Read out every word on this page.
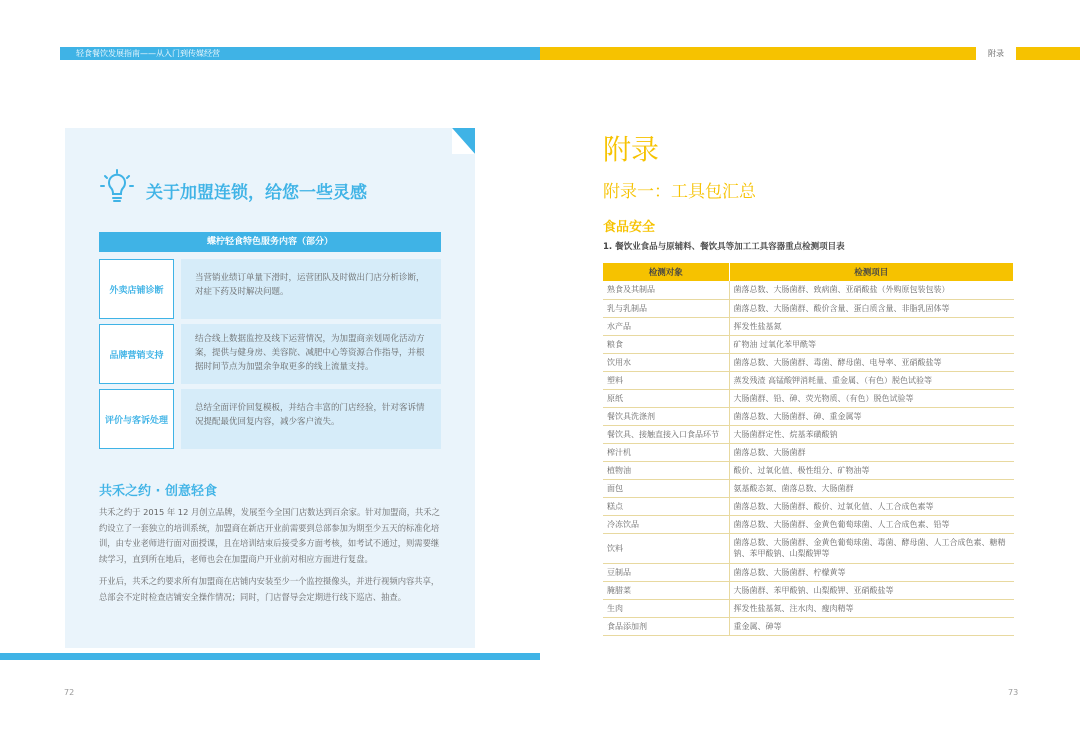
轻食餐饮发展指南——从入门到传媒经营	附录
关于加盟连锁，给您一些灵感
蝶柠轻食特色服务内容（部分）
外卖店铺诊断
当营销业绩订单量下滑时，运营团队及时做出门店分析诊断，对症下药及时解决问题。
品牌营销支持
结合线上数据监控及线下运营情况，为加盟商亲划周化活动方案，提供与健身房、美容院、减肥中心等资源合作指导，并根据时间节点为加盟余争取更多的线上流量支持。
评价与客诉处理
总结全面评价回复模板，并结合丰富的门店经验，针对客诉情况提配最优回复内容，减少客户流失。
共禾之约 · 创意轻食
共禾之约于 2015 年 12 月创立品牌，发展至今全国门店数达到百余家。针对加盟商，共禾之约设立了一套独立的培训系统，加盟商在新店开业前需要到总部参加为期至少五天的标准化培训，由专业老师进行面对面授课，且在培训结束后接受多方面考核，如考试不通过，则需要继续学习，直到所在地后，老师也会在加盟商户开业前对相应方面进行复盘。
开业后，共禾之约要求所有加盟商在店铺内安装至少一个监控摄像头，并进行视频内容共享，总部会不定时检查店铺安全操作情况；同时，门店督导会定期进行线下巡店、抽查。
72
附录
附录一：工具包汇总
食品安全
1. 餐饮业食品与原辅料、餐饮具等加工工具容器重点检测项目表
检测对象	检测项目
熟食及其制品	菌落总数、大肠菌群、致病菌、亚硝酸盐（外购原包装包装）
乳与乳制品	菌落总数、大肠菌群、酸价含量、蛋白质含量、非脂乳固体等
水产品	挥发性盐基氮
粮食	矿物油 过氧化苯甲酰等
饮用水	菌落总数、大肠菌群、毒菌、酵母菌、电导率、亚硝酸盐等
塑料	蒸发残渣 高锰酸钾消耗量、重金属、（有色）脱色试验等
原纸	大肠菌群、铅、砷、荧光物质、（有色）脱色试验等
餐饮具洗涤剂	菌落总数、大肠菌群、砷、重金属等
餐饮具、接触直接入口食品环节	大肠菌群定性、烷基苯磺酸钠
榨汁机	菌落总数、大肠菌群
植物油	酸价、过氧化值、极性组分、矿物油等
面包	氨基酸态氮、菌落总数、大肠菌群
糕点	菌落总数、大肠菌群、酸价、过氧化值、人工合成色素等
冷冻饮品	菌落总数、大肠菌群、金黄色葡萄球菌、人工合成色素、铅等
饮料	菌落总数、大肠菌群、金黄色葡萄球菌、毒菌、酵母菌、人工合成色素、糖精钠、苯甲酸钠、山梨酸钾等
豆制品	菌落总数、大肠菌群、柠檬黄等
腌腊菜	大肠菌群、苯甲酸钠、山梨酸钾、亚硝酸盐等
生肉	挥发性盐基氮、注水肉、瘦肉精等
食品添加剂	重金属、砷等
73
